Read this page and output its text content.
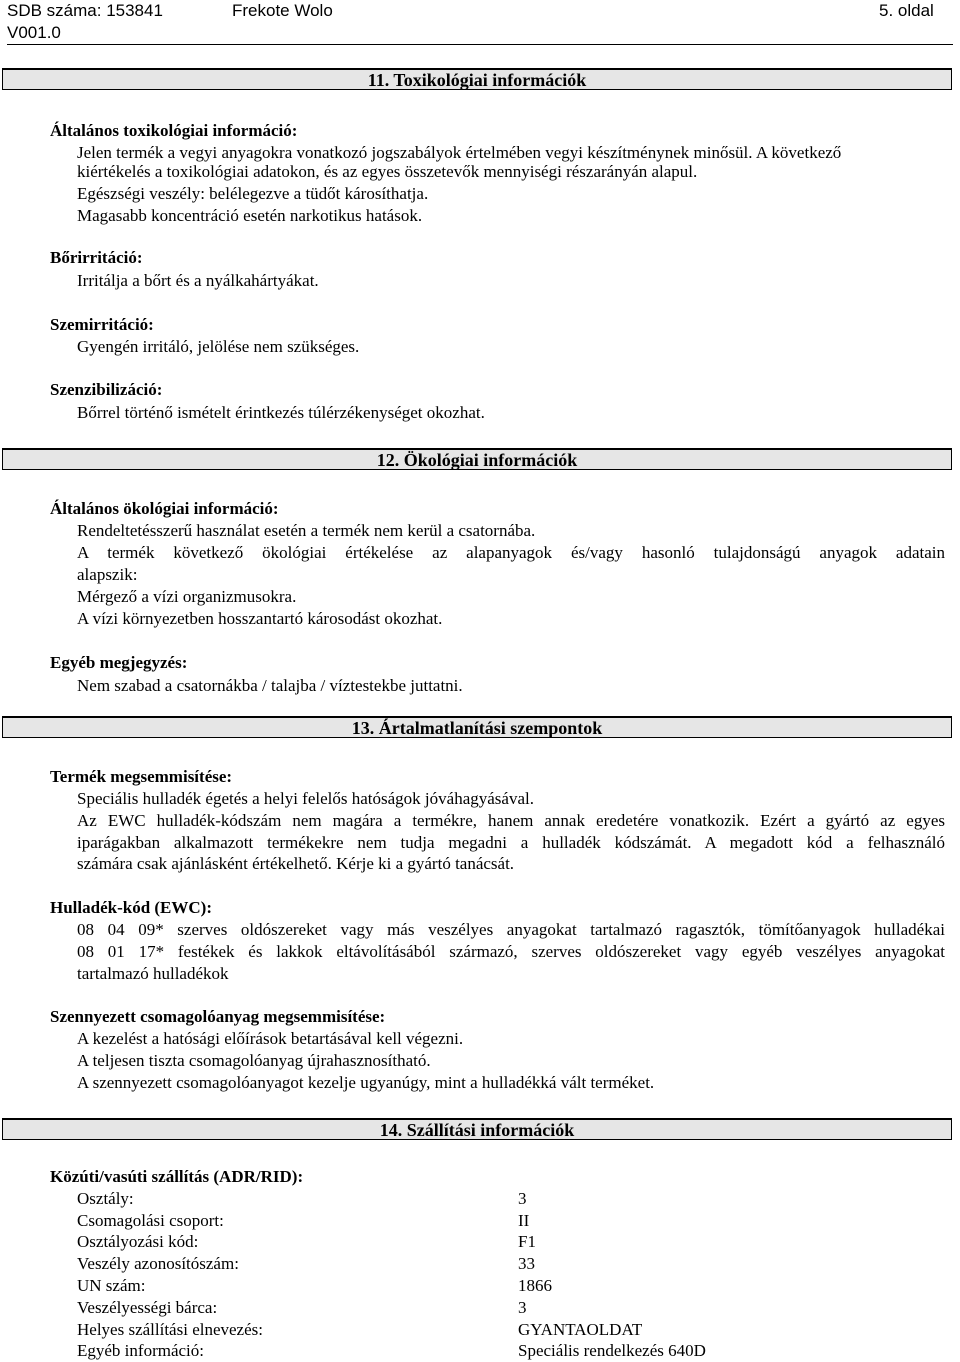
SDB száma: 153841
V001.0
Frekote Wolo	5. oldal
11. Toxikológiai információk
Általános toxikológiai információ:
Jelen termék a vegyi anyagokra vonatkozó jogszabályok értelmében vegyi készítménynek minősül. A következő
kiértékelés a toxikológiai adatokon, és az egyes összetevők mennyiségi részarányán alapul.
Egészségi veszély: belélegezve a tüdőt károsíthatja.
Magasabb koncentráció esetén narkotikus hatások.
Bőrirritáció:
Irritálja a bőrt és a nyálkahártyákat.
Szemirritáció:
Gyengén irritáló, jelölése nem szükséges.
Szenzibilizáció:
Bőrrel történő ismételt érintkezés túlérzékenységet okozhat.
12. Ökológiai információk
Általános ökológiai információ:
Rendeltetésszerű használat esetén a termék nem kerül a csatornába.
A termék következő ökológiai értékelése az alapanyagok és/vagy hasonló tulajdonságú anyagok adatain
alapszik:
Mérgező a vízi organizmusokra.
A vízi környezetben hosszantartó károsodást okozhat.
Egyéb megjegyzés:
Nem szabad a csatornákba / talajba / víztestekbe juttatni.
13. Ártalmatlanítási szempontok
Termék megsemmisítése:
Speciális hulladék égetés a helyi felelős hatóságok jóváhagyásával.
Az EWC hulladék-kódszám nem magára a termékre, hanem annak eredetére vonatkozik. Ezért a gyártó az egyes
iparágakban alkalmazott termékekre nem tudja megadni a hulladék kódszámát. A megadott kód a felhasználó
számára csak ajánlásként értékelhető. Kérje ki a gyártó tanácsát.
Hulladék-kód (EWC):
08 04 09* szerves oldószereket vagy más veszélyes anyagokat tartalmazó ragasztók, tömítőanyagok hulladékai
08 01 17* festékek és lakkok eltávolításából származó, szerves oldószereket vagy egyéb veszélyes anyagokat
tartalmazó hulladékok
Szennyezett csomagolóanyag megsemmisítése:
A kezelést a hatósági előírások betartásával kell végezni.
A teljesen tiszta csomagolóanyag újrahasznosítható.
A szennyezett csomagolóanyagot kezelje ugyanúgy, mint a hulladékká vált terméket.
14. Szállítási információk
Közúti/vasúti szállítás (ADR/RID):
Osztály:	3
Csomagolási csoport:	II
Osztályozási kód:	F1
Veszély azonosítószám:	33
UN szám:	1866
Veszélyességi bárca:	3
Helyes szállítási elnevezés:	GYANTAOLDAT
Egyéb információ:	Speciális rendelkezés 640D
